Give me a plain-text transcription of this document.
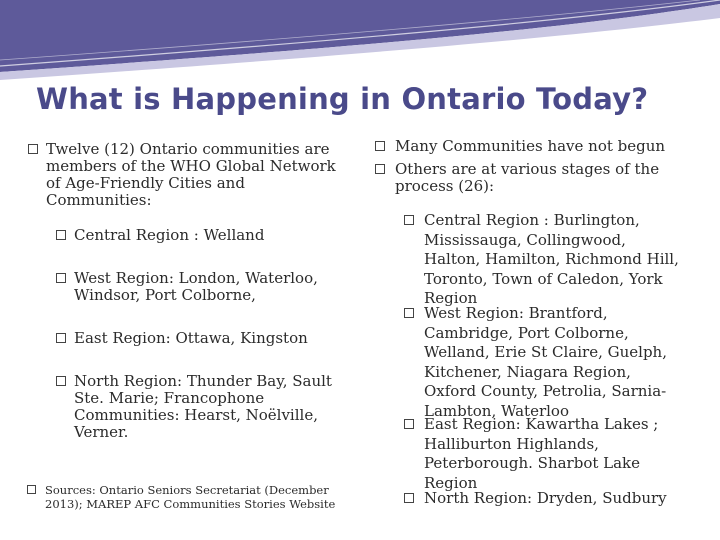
What is Happening in Ontario Today?
Twelve (12) Ontario communities are members of the WHO Global Network of Age-Friendly Cities and Communities:
Central Region : Welland
West Region: London, Waterloo, Windsor, Port Colborne,
East Region: Ottawa, Kingston
North Region: Thunder Bay, Sault Ste. Marie; Francophone Communities: Hearst, Noëlville, Verner.
Sources: Ontario Seniors Secretariat (December 2013); MAREP AFC Communities Stories Website
Many Communities have not begun
Others are at various stages of the process (26):
Central Region : Burlington, Mississauga, Collingwood, Halton, Hamilton, Richmond Hill, Toronto, Town of Caledon, York Region
West Region: Brantford, Cambridge, Port Colborne, Welland, Erie St Claire, Guelph, Kitchener, Niagara Region, Oxford County, Petrolia, Sarnia-Lambton, Waterloo
East Region: Kawartha Lakes ; Halliburton Highlands, Peterborough. Sharbot Lake Region
North Region: Dryden, Sudbury
